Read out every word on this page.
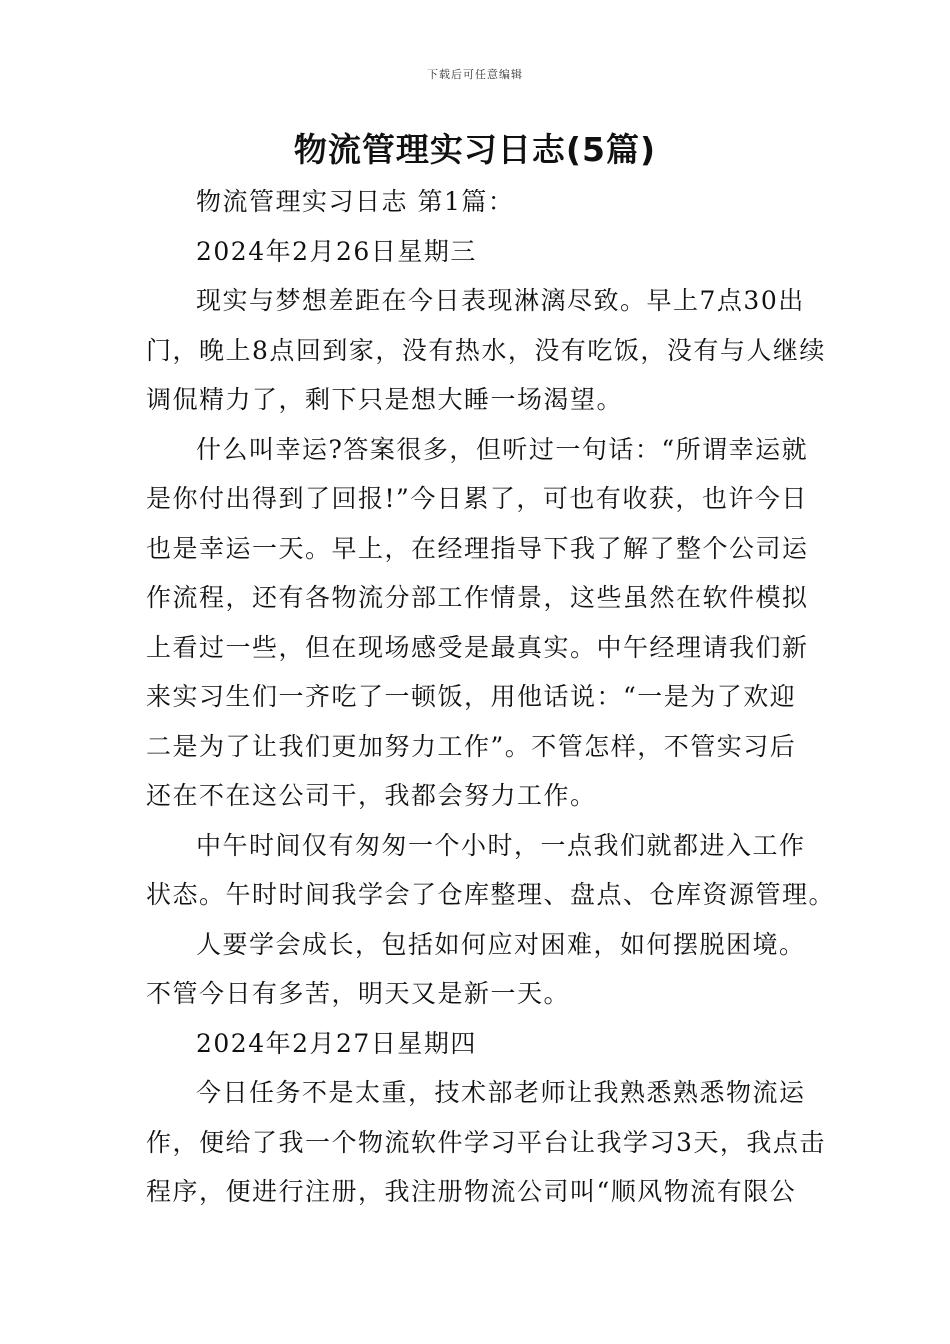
下载后可任意编辑
物流管理实习日志(5篇)

物流管理实习日志 第1篇：

2024年2月26日星期三

现实与梦想差距在今日表现淋漓尽致。早上7点30出

门，晚上8点回到家，没有热水，没有吃饭，没有与人继续

调侃精力了，剩下只是想大睡一场渴望。

什么叫幸运?答案很多，但听过一句话：“所谓幸运就

是你付出得到了回报!”今日累了，可也有收获，也许今日

也是幸运一天。早上，在经理指导下我了解了整个公司运

作流程，还有各物流分部工作情景，这些虽然在软件模拟

上看过一些，但在现场感受是最真实。中午经理请我们新

来实习生们一齐吃了一顿饭，用他话说：“一是为了欢迎

二是为了让我们更加努力工作”。不管怎样，不管实习后

还在不在这公司干，我都会努力工作。

中午时间仅有匆匆一个小时，一点我们就都进入工作

状态。午时时间我学会了仓库整理、盘点、仓库资源管理。

人要学会成长，包括如何应对困难，如何摆脱困境。

不管今日有多苦，明天又是新一天。

2024年2月27日星期四

今日任务不是太重，技术部老师让我熟悉熟悉物流运

作，便给了我一个物流软件学习平台让我学习3天，我点击

程序，便进行注册，我注册物流公司叫“顺风物流有限公
